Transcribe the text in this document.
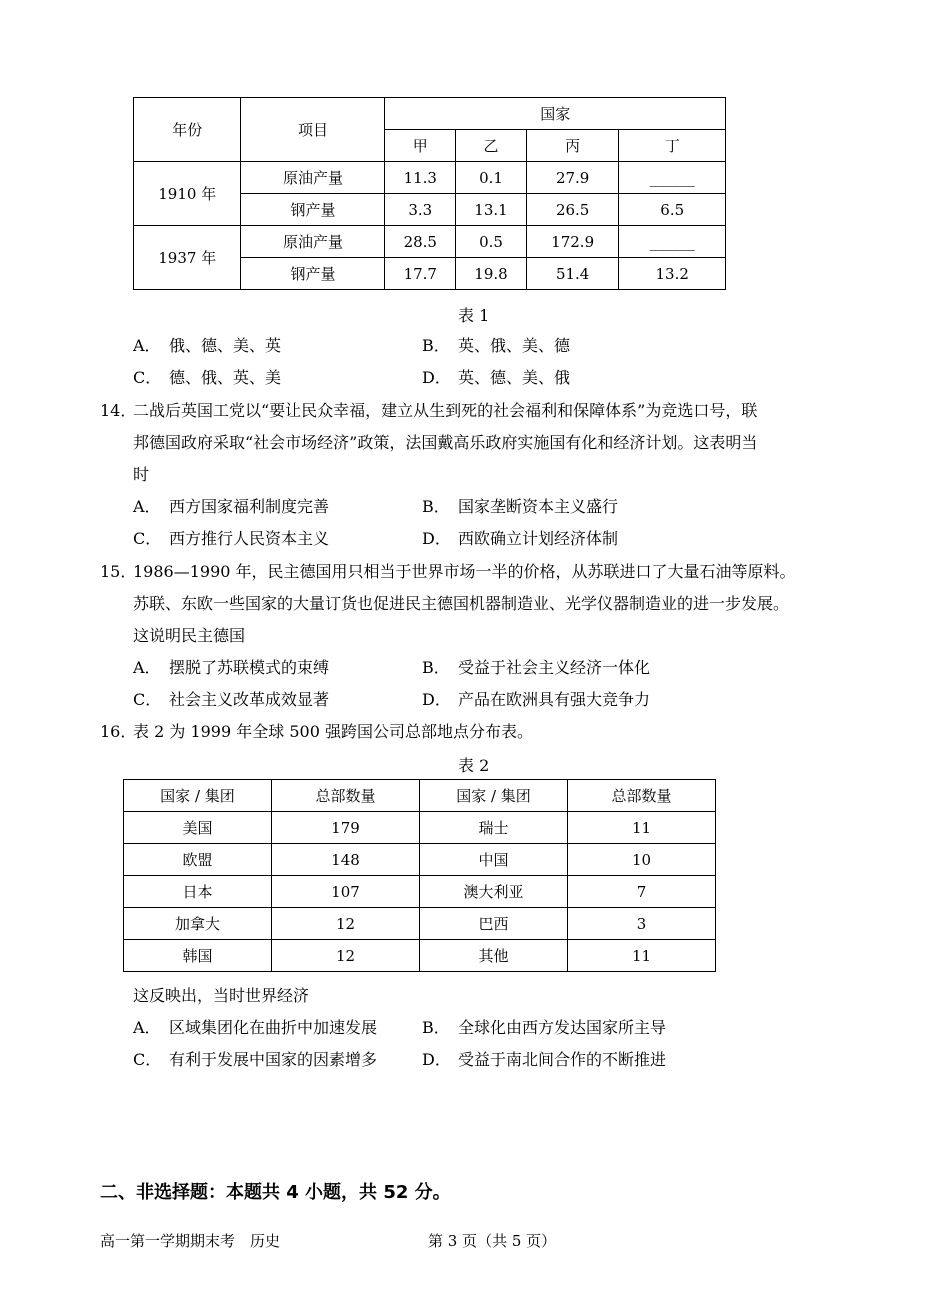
年份	项目	国家			
		甲	乙	丙	丁
1910 年	原油产量	11.3	0.1	27.9	______
	钢产量	3.3	13.1	26.5	6.5
1937 年	原油产量	28.5	0.5	172.9	______
	钢产量	17.7	19.8	51.4	13.2
表 1
A． 俄、德、美、英	B． 英、俄、美、德
C． 德、俄、英、美	D． 英、德、美、俄
14．
二战后英国工党以“要让民众幸福，建立从生到死的社会福利和保障体系”为竞选口号，联
邦德国政府采取“社会市场经济”政策，法国戴高乐政府实施国有化和经济计划。这表明当
时
A． 西方国家福利制度完善	B． 国家垄断资本主义盛行
C． 西方推行人民资本主义	D． 西欧确立计划经济体制
15．
1986—1990 年，民主德国用只相当于世界市场一半的价格，从苏联进口了大量石油等原料。
苏联、东欧一些国家的大量订货也促进民主德国机器制造业、光学仪器制造业的进一步发展。
这说明民主德国
A． 摆脱了苏联模式的束缚	B． 受益于社会主义经济一体化
C． 社会主义改革成效显著	D． 产品在欧洲具有强大竞争力
16．
表 2 为 1999 年全球 500 强跨国公司总部地点分布表。
表 2
国家 / 集团	总部数量	国家 / 集团	总部数量
美国	179	瑞士	11
欧盟	148	中国	10
日本	107	澳大利亚	7
加拿大	12	巴西	3
韩国	12	其他	11
这反映出，当时世界经济
A． 区域集团化在曲折中加速发展	B． 全球化由西方发达国家所主导
C． 有利于发展中国家的因素增多	D． 受益于南北间合作的不断推进
二、非选择题：本题共 4 小题，共 52 分。
高一第一学期期末考　历史	第 3 页（共 5 页）
